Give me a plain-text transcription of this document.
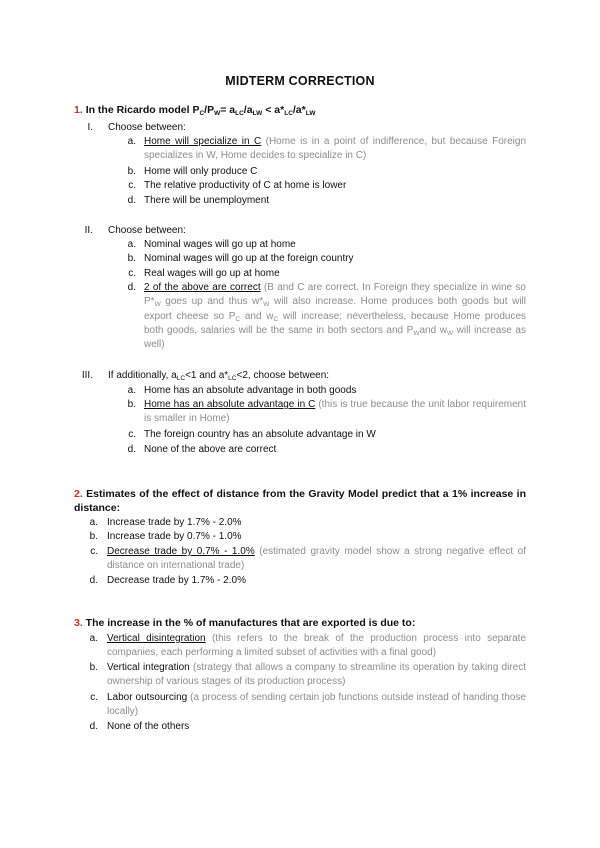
MIDTERM CORRECTION
1. In the Ricardo model $P_C/P_W= a_{LC}/a_{LW} < a*_{LC}/a*_{LW}$
I. Choose between:
a. Home will specialize in C (Home is in a point of indifference, but because Foreign specializes in W, Home decides to specialize in C)
b. Home will only produce C
c. The relative productivity of C at home is lower
d. There will be unemployment
II. Choose between:
a. Nominal wages will go up at home
b. Nominal wages will go up at the foreign country
c. Real wages will go up at home
d. 2 of the above are correct (B and C are correct. In Foreign they specialize in wine so $P*_W$ goes up and thus $w*_W$ will also increase. Home produces both goods but will export cheese so $P_C$ and $w_C$ will increase; nevertheless, because Home produces both goods, salaries will be the same in both sectors and $P_Wand$ $w_W$ will increase as well)
III. If additionally, $a_{LC}<1$ and $a*_{LC}<2$, choose between:
a. Home has an absolute advantage in both goods
b. Home has an absolute advantage in C (this is true because the unit labor requirement is smaller in Home)
c. The foreign country has an absolute advantage in W
d. None of the above are correct
2. Estimates of the effect of distance from the Gravity Model predict that a 1% increase in distance:
a. Increase trade by 1.7% - 2.0%
b. Increase trade by 0.7% - 1.0%
c. Decrease trade by 0.7% - 1.0% (estimated gravity model show a strong negative effect of distance on international trade)
d. Decrease trade by 1.7% - 2.0%
3. The increase in the % of manufactures that are exported is due to:
a. Vertical disintegration (this refers to the break of the production process into separate companies, each performing a limited subset of activities with a final good)
b. Vertical integration (strategy that allows a company to streamline its operation by taking direct ownership of various stages of its production process)
c. Labor outsourcing (a process of sending certain job functions outside instead of handing those locally)
d. None of the others
